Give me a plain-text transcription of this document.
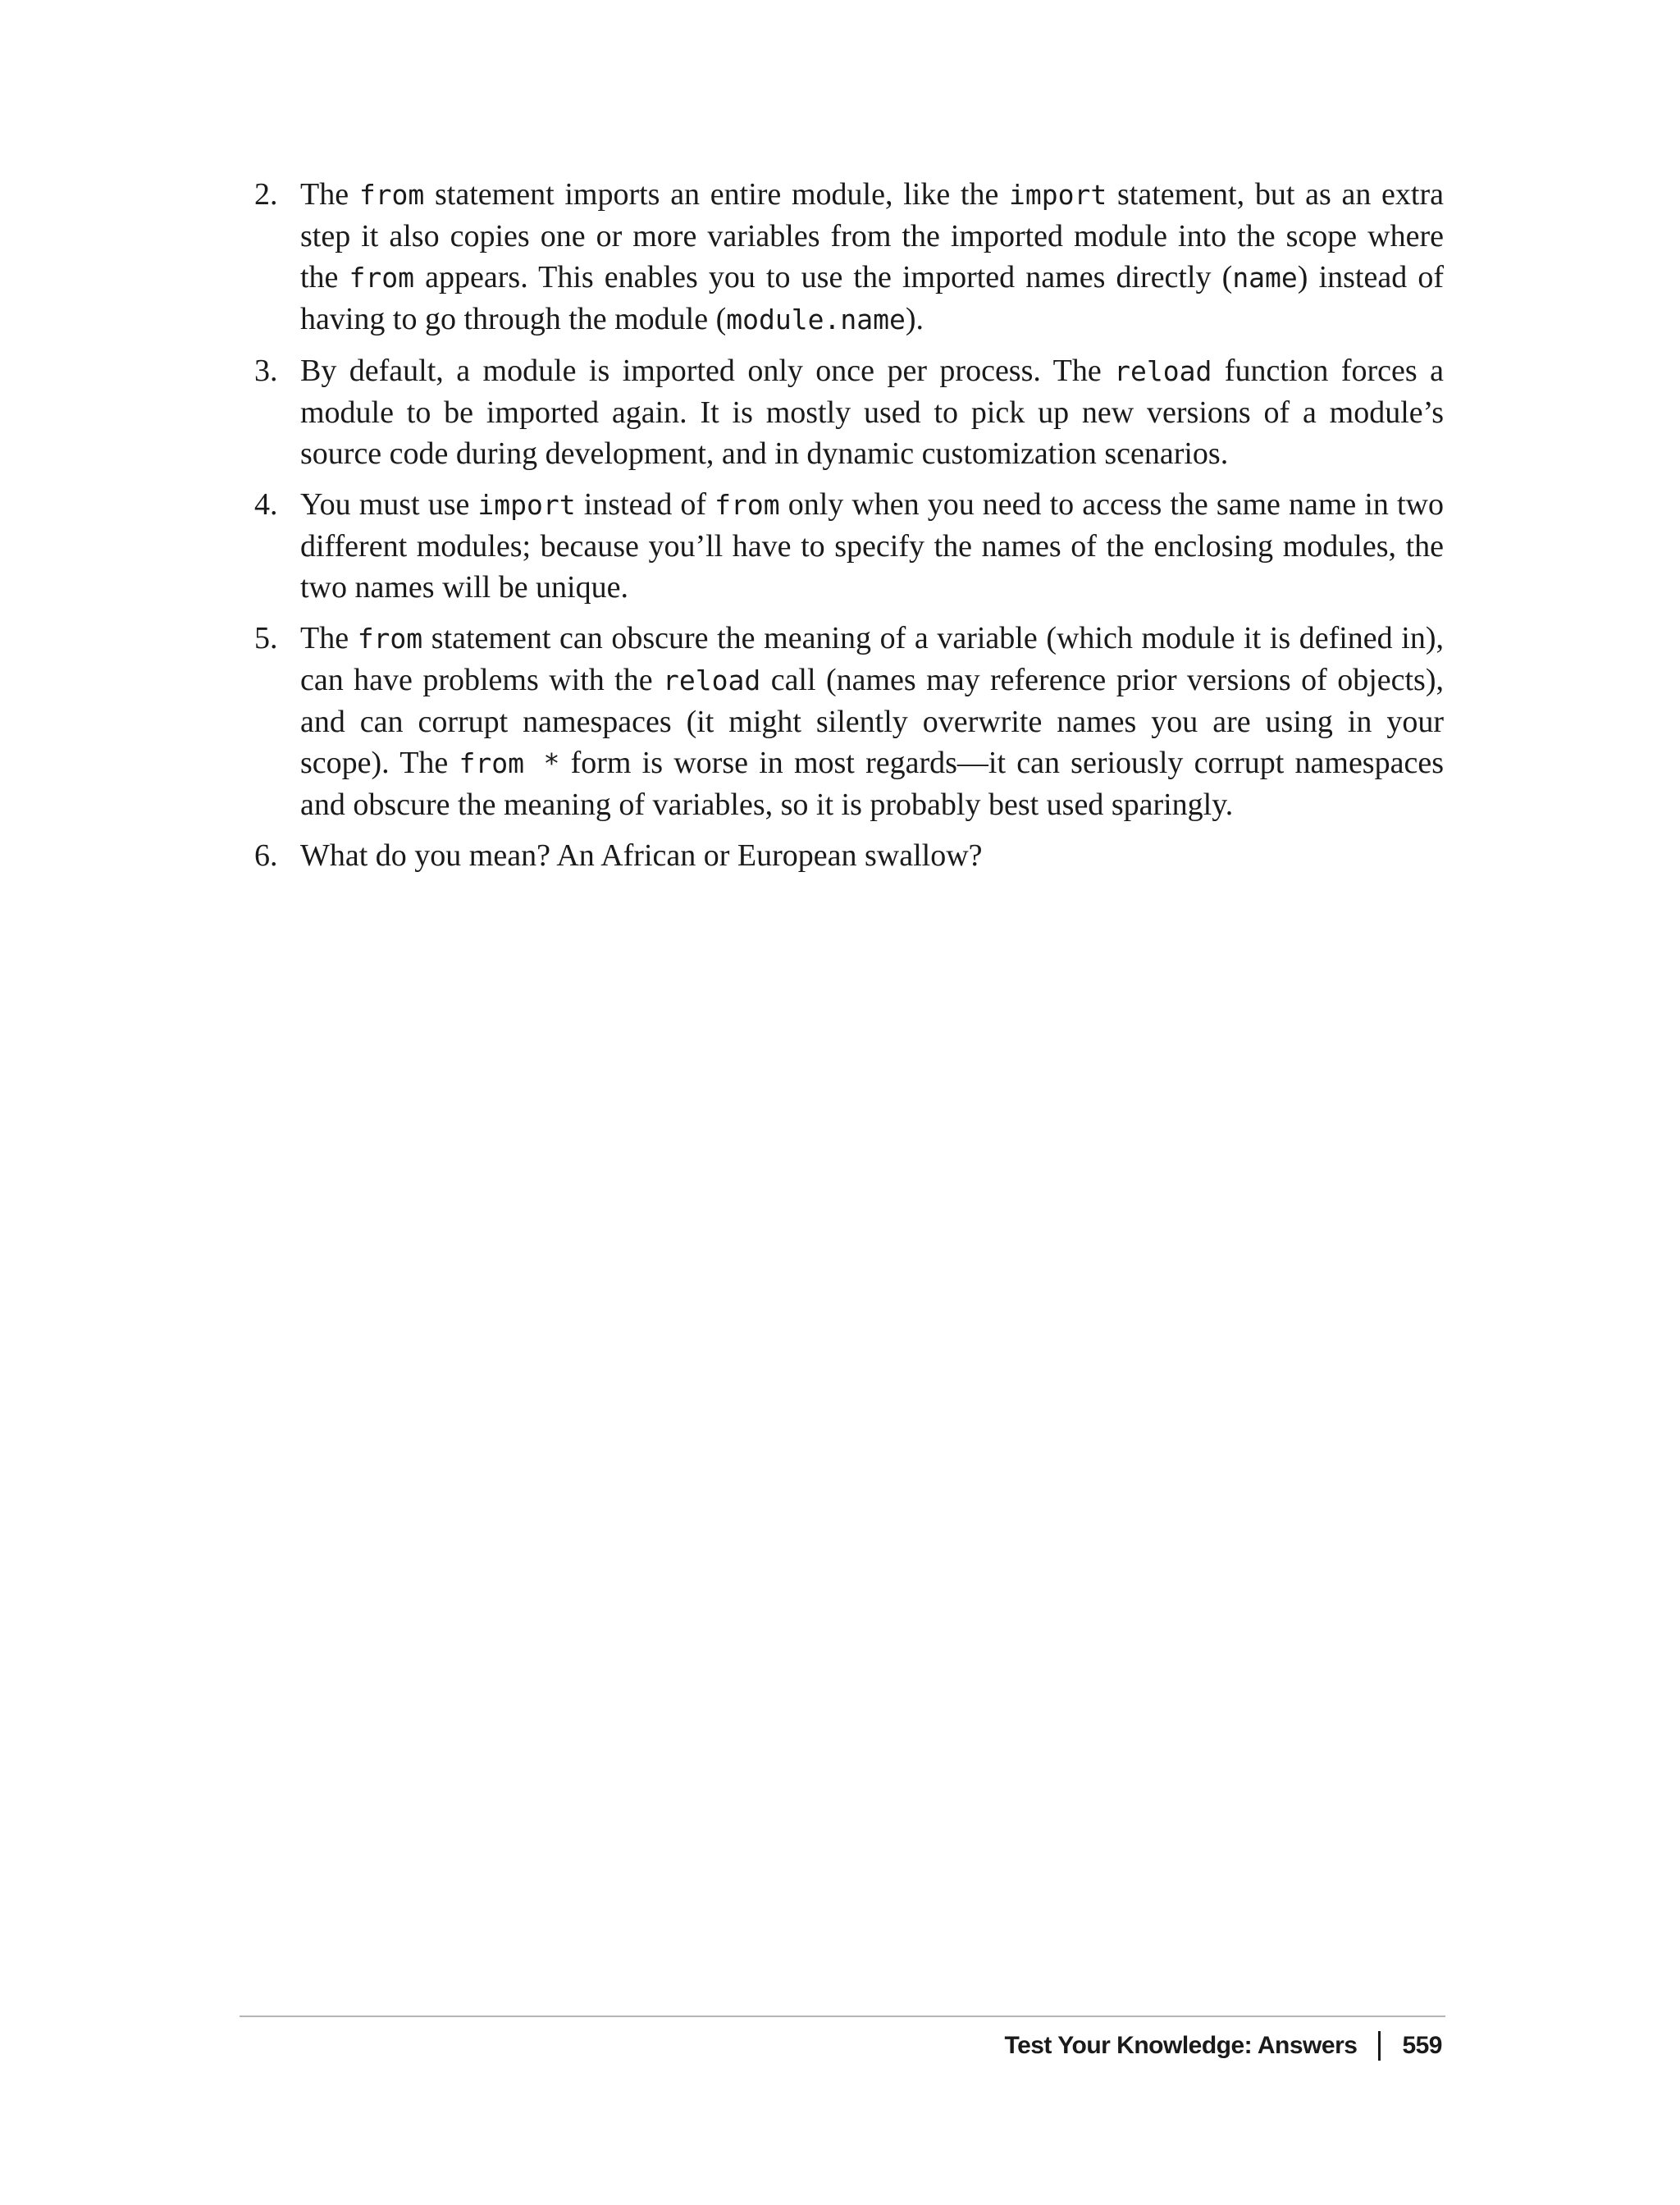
2. The from statement imports an entire module, like the import statement, but as an extra step it also copies one or more variables from the imported module into the scope where the from appears. This enables you to use the imported names directly (name) instead of having to go through the module (module.name).
3. By default, a module is imported only once per process. The reload function forces a module to be imported again. It is mostly used to pick up new versions of a module’s source code during development, and in dynamic customization scenarios.
4. You must use import instead of from only when you need to access the same name in two different modules; because you’ll have to specify the names of the enclosing modules, the two names will be unique.
5. The from statement can obscure the meaning of a variable (which module it is defined in), can have problems with the reload call (names may reference prior versions of objects), and can corrupt namespaces (it might silently overwrite names you are using in your scope). The from * form is worse in most regards—it can seriously corrupt namespaces and obscure the meaning of variables, so it is probably best used sparingly.
6. What do you mean? An African or European swallow?
Test Your Knowledge: Answers 559
